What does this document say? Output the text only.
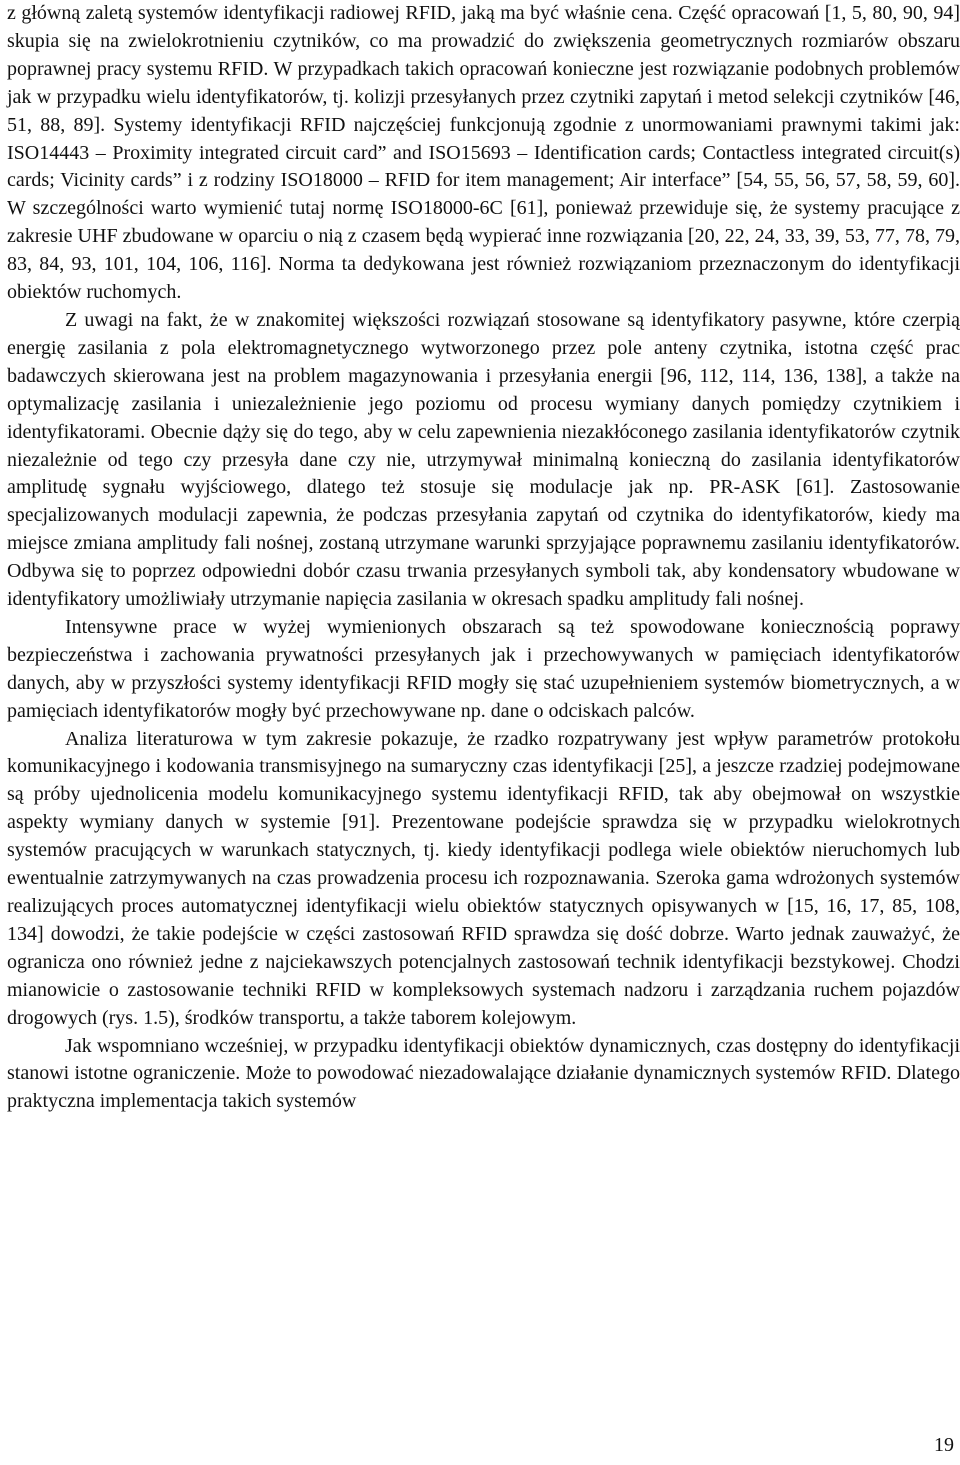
z główną zaletą systemów identyfikacji radiowej RFID, jaką ma być właśnie cena. Część opracowań [1, 5, 80, 90, 94] skupia się na zwielokrotnieniu czytników, co ma prowadzić do zwiększenia geometrycznych rozmiarów obszaru poprawnej pracy systemu RFID. W przypadkach takich opracowań konieczne jest rozwiązanie podobnych problemów jak w przypadku wielu identyfikatorów, tj. kolizji przesyłanych przez czytniki zapytań i metod selekcji czytników [46, 51, 88, 89]. Systemy identyfikacji RFID najczęściej funkcjonują zgodnie z unormowaniami prawnymi takimi jak: ISO14443 – Proximity integrated circuit card” and ISO15693 – Identification cards; Contactless integrated circuit(s) cards; Vicinity cards” i z rodziny ISO18000 – RFID for item management; Air interface” [54, 55, 56, 57, 58, 59, 60]. W szczególności warto wymienić tutaj normę ISO18000-6C [61], ponieważ przewiduje się, że systemy pracujące z zakresie UHF zbudowane w oparciu o nią z czasem będą wypierać inne rozwiązania [20, 22, 24, 33, 39, 53, 77, 78, 79, 83, 84, 93, 101, 104, 106, 116]. Norma ta dedykowana jest również rozwiązaniom przeznaczonym do identyfikacji obiektów ruchomych.

Z uwagi na fakt, że w znakomitej większości rozwiązań stosowane są identyfikatory pasywne, które czerpią energię zasilania z pola elektromagnetycznego wytworzonego przez pole anteny czytnika, istotna część prac badawczych skierowana jest na problem magazynowania i przesyłania energii [96, 112, 114, 136, 138], a także na optymalizację zasilania i uniezależnienie jego poziomu od procesu wymiany danych pomiędzy czytnikiem i identyfikatorami. Obecnie dąży się do tego, aby w celu zapewnienia niezakłóconego zasilania identyfikatorów czytnik niezależnie od tego czy przesyła dane czy nie, utrzymywał minimalną konieczną do zasilania identyfikatorów amplitudę sygnału wyjściowego, dlatego też stosuje się modulacje jak np. PR-ASK [61]. Zastosowanie specjalizowanych modulacji zapewnia, że podczas przesyłania zapytań od czytnika do identyfikatorów, kiedy ma miejsce zmiana amplitudy fali nośnej, zostaną utrzymane warunki sprzyjające poprawnemu zasilaniu identyfikatorów. Odbywa się to poprzez odpowiedni dobór czasu trwania przesyłanych symboli tak, aby kondensatory wbudowane w identyfikatory umożliwiały utrzymanie napięcia zasilania w okresach spadku amplitudy fali nośnej.

Intensywne prace w wyżej wymienionych obszarach są też spowodowane koniecznością poprawy bezpieczeństwa i zachowania prywatności przesyłanych jak i przechowywanych w pamięciach identyfikatorów danych, aby w przyszłości systemy identyfikacji RFID mogły się stać uzupełnieniem systemów biometrycznych, a w pamięciach identyfikatorów mogły być przechowywane np. dane o odciskach palców.

Analiza literaturowa w tym zakresie pokazuje, że rzadko rozpatrywany jest wpływ parametrów protokołu komunikacyjnego i kodowania transmisyjnego na sumaryczny czas identyfikacji [25], a jeszcze rzadziej podejmowane są próby ujednolicenia modelu komunikacyjnego systemu identyfikacji RFID, tak aby obejmował on wszystkie aspekty wymiany danych w systemie [91]. Prezentowane podejście sprawdza się w przypadku wielokrotnych systemów pracujących w warunkach statycznych, tj. kiedy identyfikacji podlega wiele obiektów nieruchomych lub ewentualnie zatrzymywanych na czas prowadzenia procesu ich rozpoznawania. Szeroka gama wdrożonych systemów realizujących proces automatycznej identyfikacji wielu obiektów statycznych opisywanych w [15, 16, 17, 85, 108, 134] dowodzi, że takie podejście w części zastosowań RFID sprawdza się dość dobrze. Warto jednak zauważyć, że ogranicza ono również jedne z najciekawszych potencjalnych zastosowań technik identyfikacji bezstykowej. Chodzi mianowicie o zastosowanie techniki RFID w kompleksowych systemach nadzoru i zarządzania ruchem pojazdów drogowych (rys. 1.5), środków transportu, a także taborem kolejowym.

Jak wspomniano wcześniej, w przypadku identyfikacji obiektów dynamicznych, czas dostępny do identyfikacji stanowi istotne ograniczenie. Może to powodować niezadowalające działanie dynamicznych systemów RFID. Dlatego praktyczna implementacja takich systemów

19
